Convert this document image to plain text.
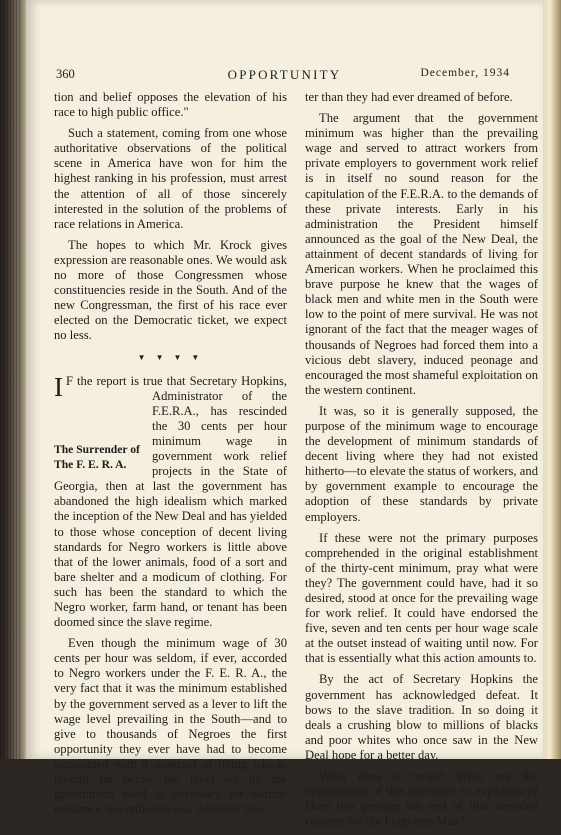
360	OPPORTUNITY	December, 1934

tion and belief opposes the elevation of his race to high public office."

Such a statement, coming from one whose authoritative observations of the political scene in America have won for him the highest ranking in his profession, must arrest the attention of all of those sincerely interested in the solution of the problems of race relations in America.

The hopes to which Mr. Krock gives expression are reasonable ones. We would ask no more of those Congressmen whose constituencies reside in the South. And of the new Congressman, the first of his race ever elected on the Democratic ticket, we expect no less.

▼ ▼ ▼ ▼

I
The Surrender of
The F. E. R. A.
F the report is true that Secretary Hopkins, Administrator of the F.E.R.A., has rescinded the 30 cents per hour minimum wage in government work relief projects in the State of Georgia, then at last the government has abandoned the high idealism which marked the inception of the New Deal and has yielded to those whose conception of decent living standards for Negro workers is little above that of the lower animals, food of a sort and bare shelter and a modicum of clothing. For such has been the standard to which the Negro worker, farm hand, or tenant has been doomed since the slave regime.

Even though the minimum wage of 30 cents per hour was seldom, if ever, accorded to Negro workers under the F. E. R. A., the very fact that it was the minimum established by the government served as a lever to lift the wage level prevailing in the South—and to give to thousands of Negroes the first opportunity they ever have had to become acquainted with a standard of living which, though far below the level set by the government itself as necessary for normal existence, nevertheless was infinitely bet-

ter than they had ever dreamed of before.

The argument that the government minimum was higher than the prevailing wage and served to attract workers from private employers to government work relief is in itself no sound reason for the capitulation of the F.E.R.A. to the demands of these private interests. Early in his administration the President himself announced as the goal of the New Deal, the attainment of decent standards of living for American workers. When he proclaimed this brave purpose he knew that the wages of black men and white men in the South were low to the point of mere survival. He was not ignorant of the fact that the meager wages of thousands of Negroes had forced them into a vicious debt slavery, induced peonage and encouraged the most shameful exploitation on the western continent.

It was, so it is generally supposed, the purpose of the minimum wage to encourage the development of minimum standards of decent living where they had not existed hitherto—to elevate the status of workers, and by government example to encourage the adoption of these standards by private employers.

If these were not the primary purposes comprehended in the original establishment of the thirty-cent minimum, pray what were they? The government could have, had it so desired, stood at once for the prevailing wage for work relief. It could have endorsed the five, seven and ten cents per hour wage scale at the outset instead of waiting until now. For that is essentially what this action amounts to.

By the act of Secretary Hopkins the government has acknowledged defeat. It bows to the slave tradition. In so doing it deals a crushing blow to millions of blacks and poor whites who once saw in the New Deal hope for a better day.

What does it mean? What are the implications of this surrender to expediency? Does this presage the end of that heralded concern for the Forgotten Man?
